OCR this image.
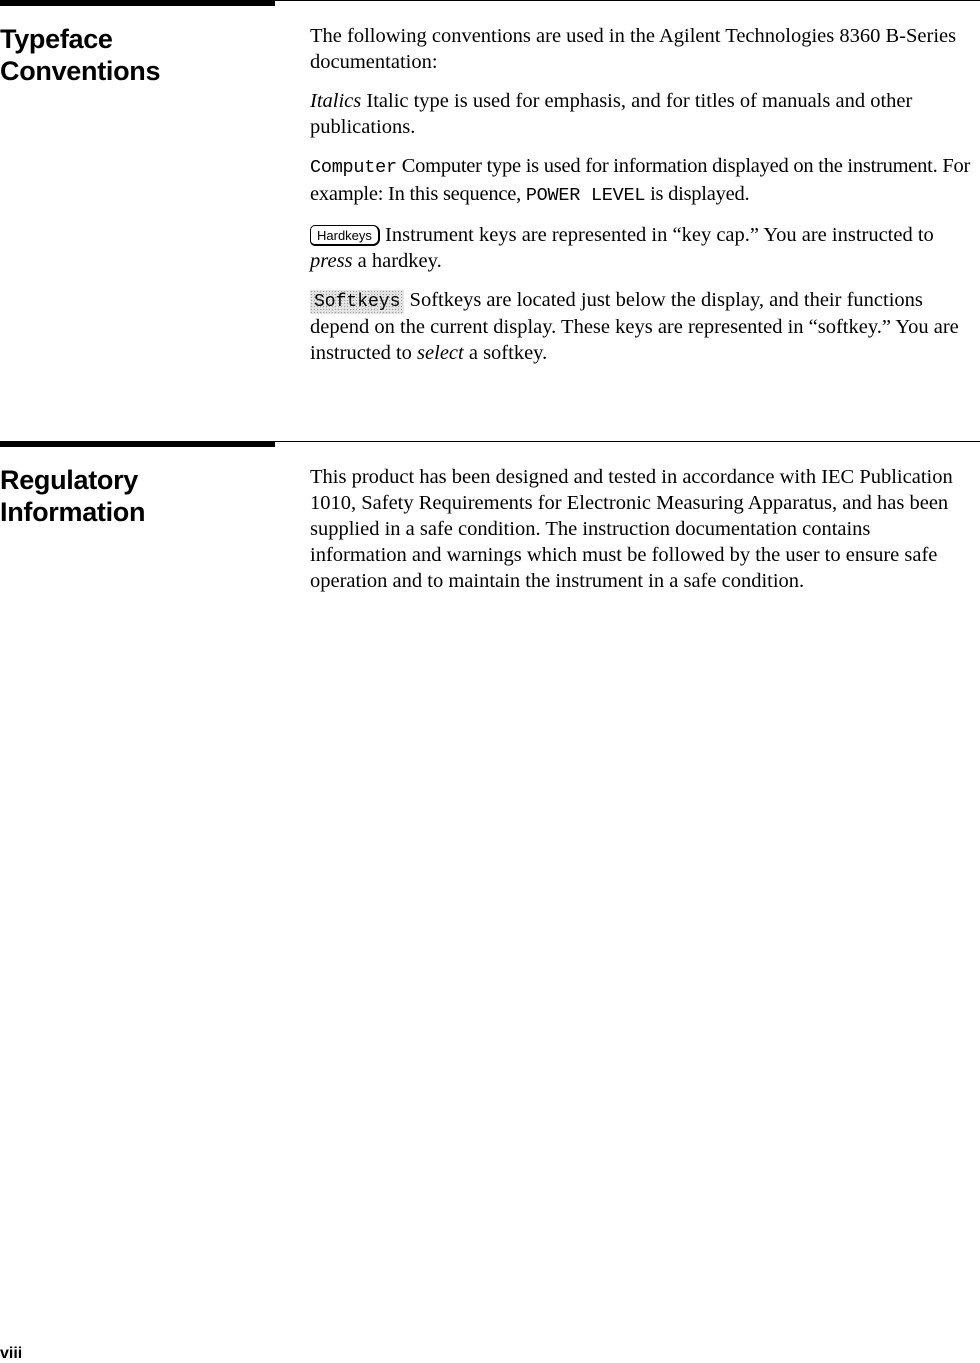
Typeface
Conventions

The following conventions are used in the Agilent Technologies 8360 B-Series documentation:

Italics Italic type is used for emphasis, and for titles of manuals and other publications.

Computer Computer type is used for information displayed on the instrument. For example: In this sequence, POWER LEVEL is displayed.

Hardkeys Instrument keys are represented in “key cap.” You are instructed to press a hardkey.

Softkeys Softkeys are located just below the display, and their functions depend on the current display. These keys are represented in “softkey.” You are instructed to select a softkey.

Regulatory
Information

This product has been designed and tested in accordance with IEC Publication 1010, Safety Requirements for Electronic Measuring Apparatus, and has been supplied in a safe condition. The instruction documentation contains information and warnings which must be followed by the user to ensure safe operation and to maintain the instrument in a safe condition.

viii
